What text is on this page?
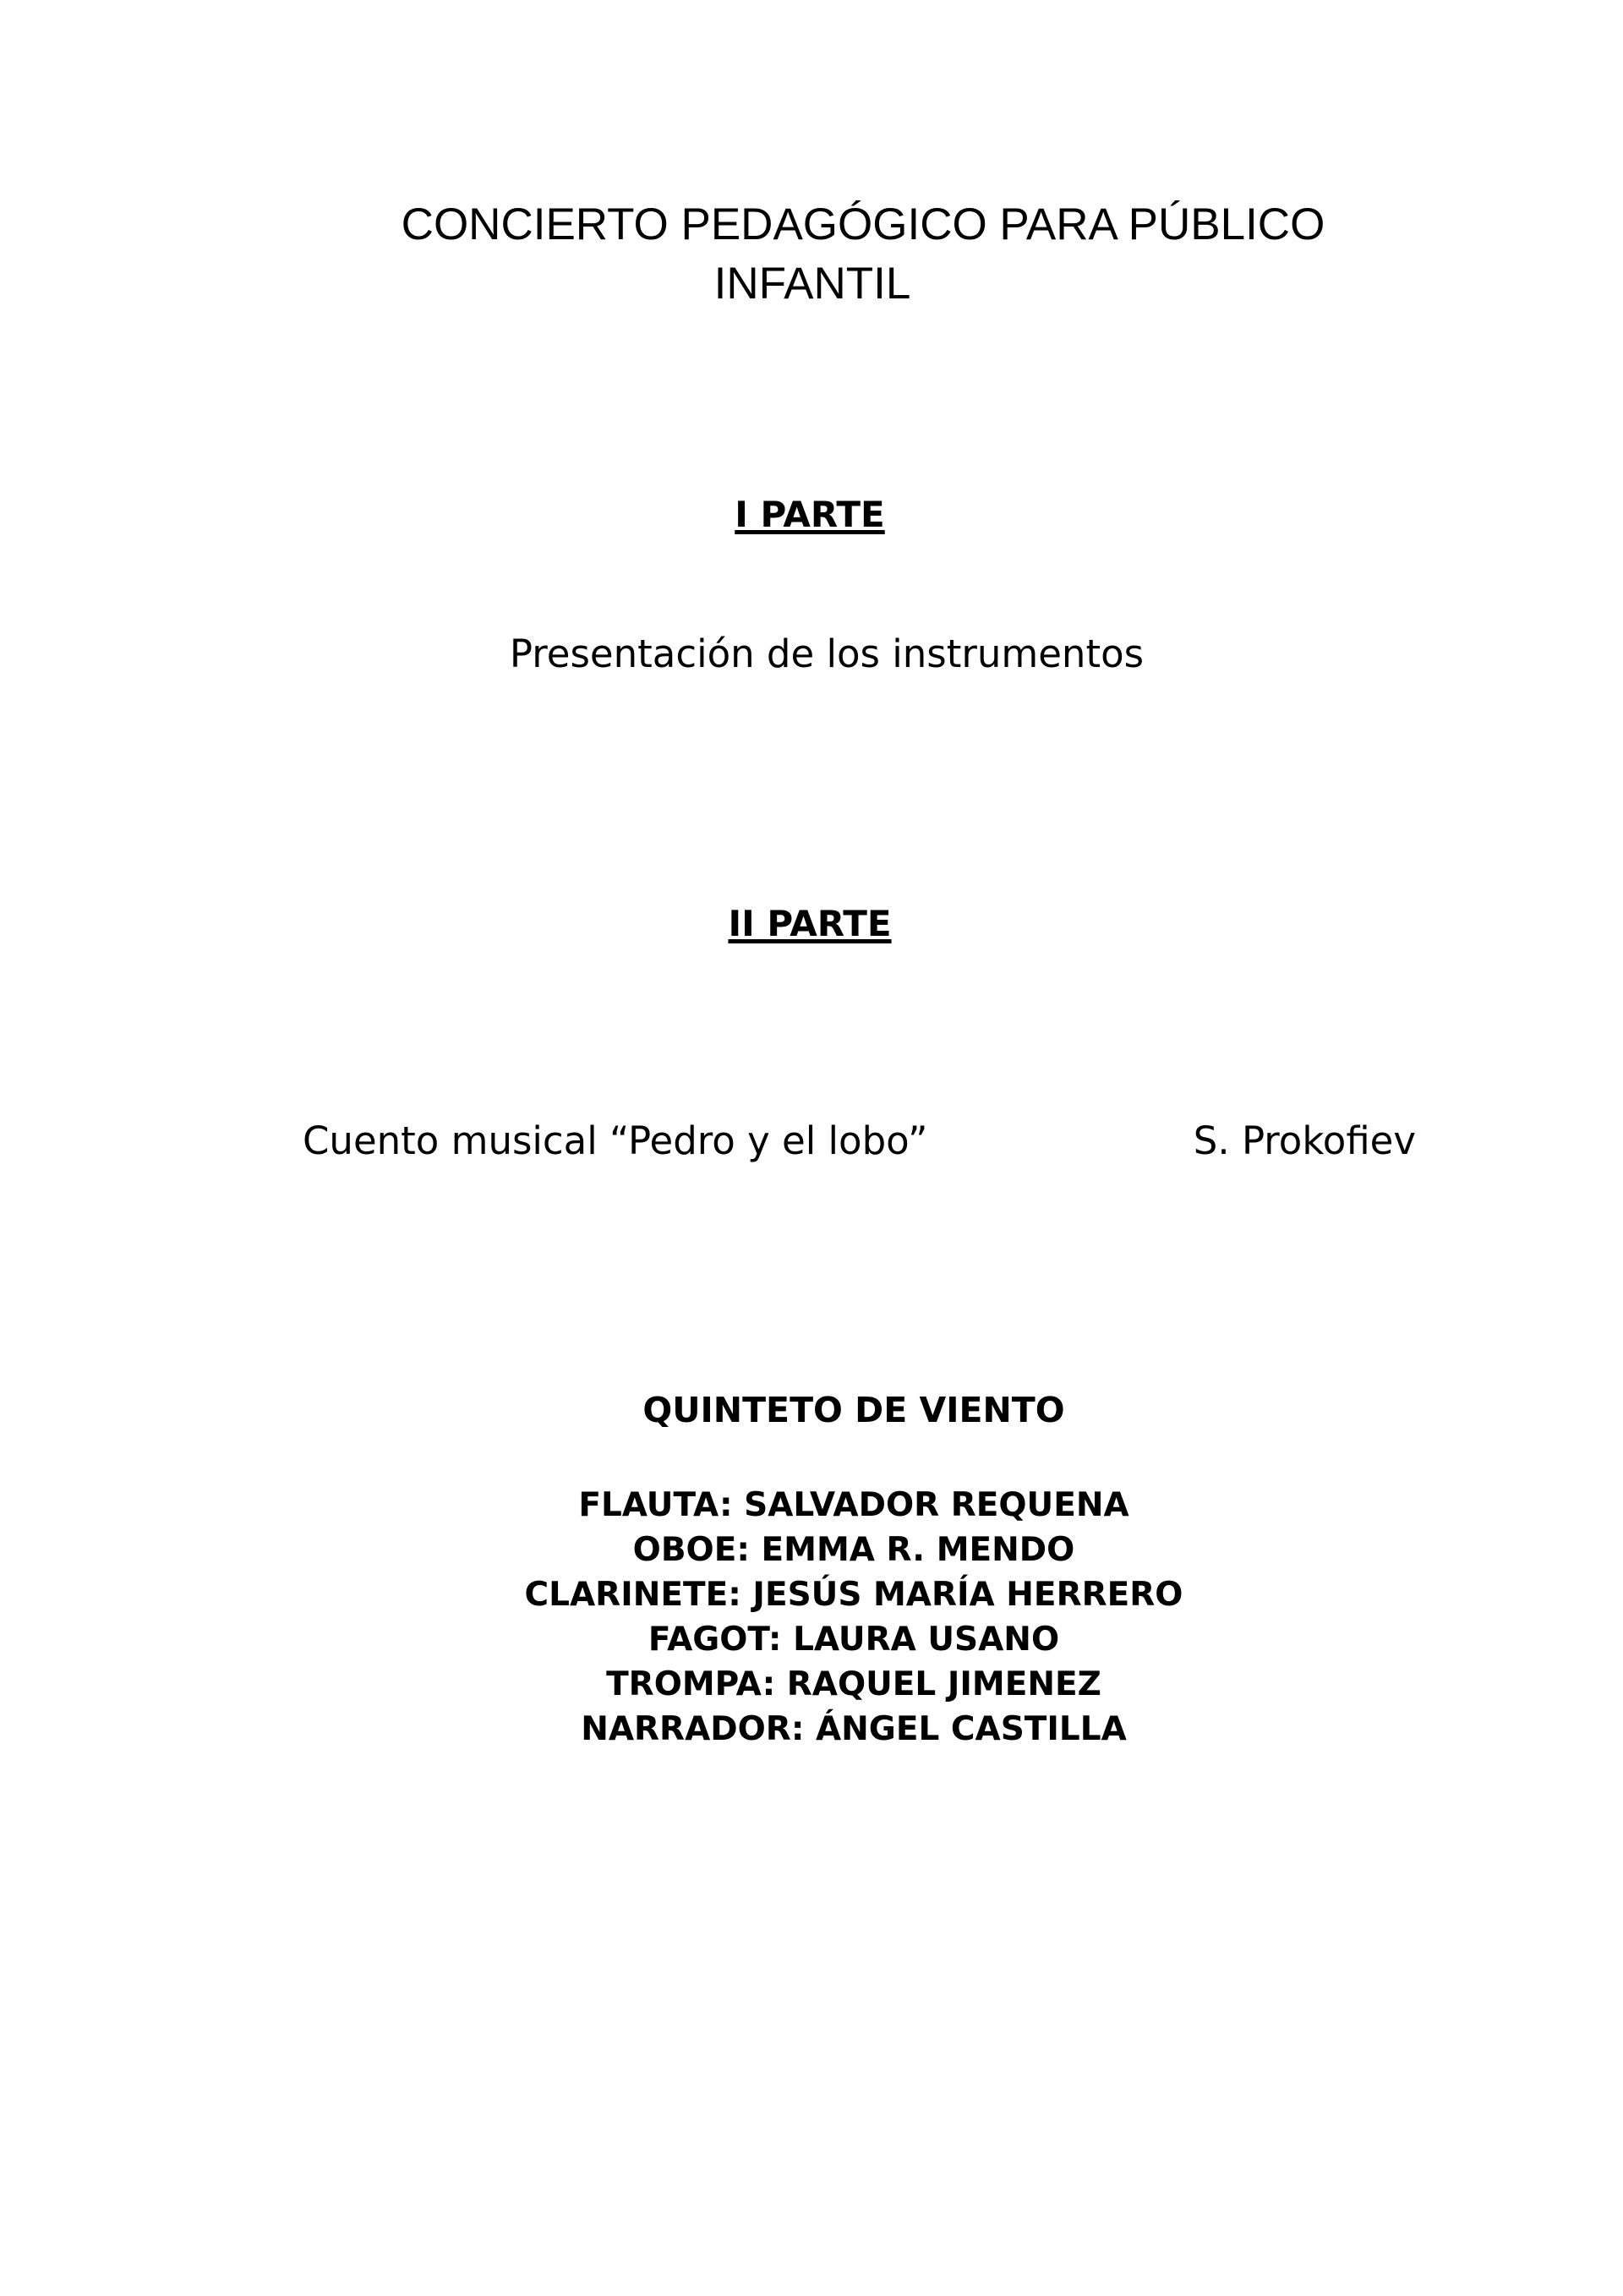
CONCIERTO PEDAGÓGICO PARA PÚBLICO INFANTIL
I PARTE

Presentación de los instrumentos

II PARTE
Cuento musical “Pedro y el lobo”	S. Prokofiev
QUINTETO DE VIENTO
FLAUTA: SALVADOR REQUENA
OBOE: EMMA R. MENDO
CLARINETE: JESÚS MARÍA HERRERO
FAGOT: LAURA USANO
TROMPA: RAQUEL JIMENEZ
NARRADOR: ÁNGEL CASTILLA
